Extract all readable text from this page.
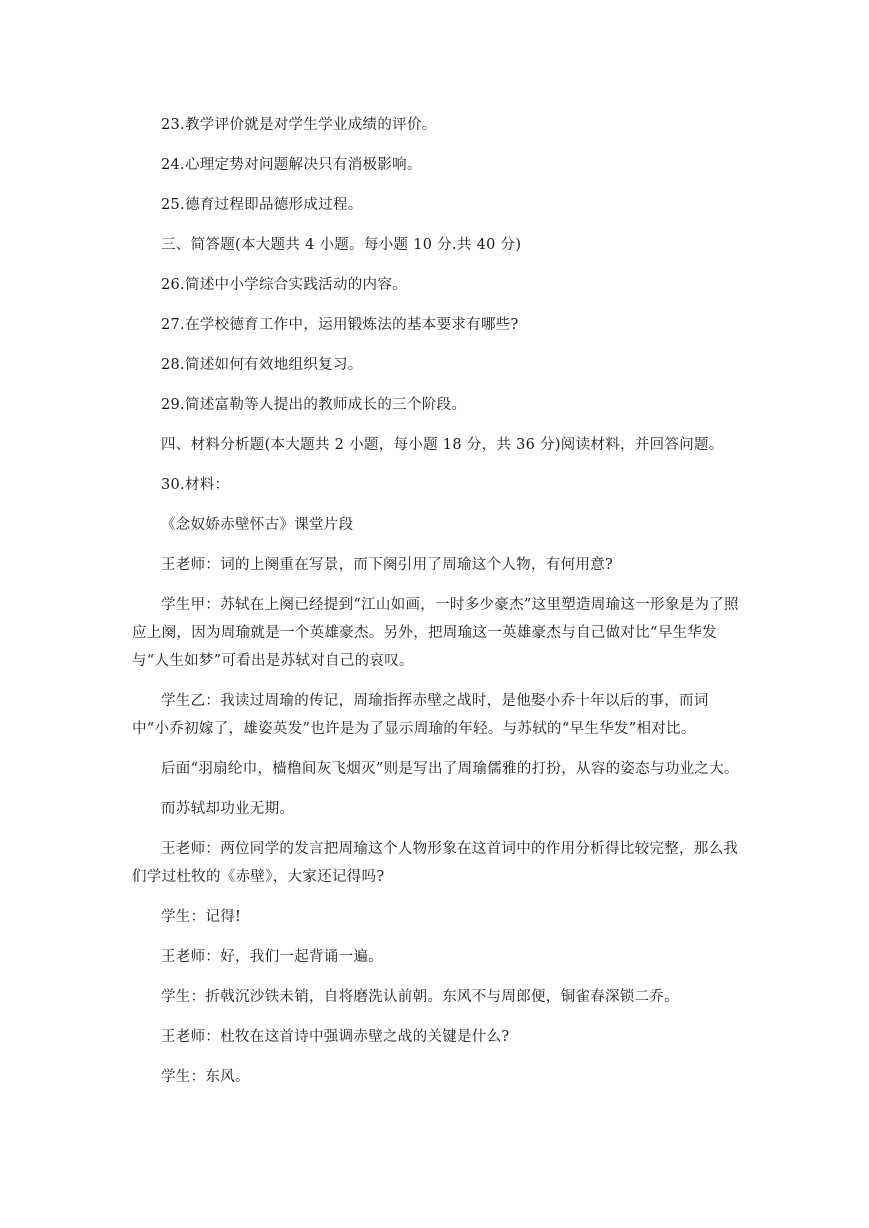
23.教学评价就是对学生学业成绩的评价。

24.心理定势对问题解决只有消极影响。

25.德育过程即品德形成过程。

三、简答题(本大题共 4 小题。每小题 10 分.共 40 分)

26.简述中小学综合实践活动的内容。

27.在学校德育工作中，运用锻炼法的基本要求有哪些?

28.简述如何有效地组织复习。

29.简述富勒等人提出的教师成长的三个阶段。

四、材料分析题(本大题共 2 小题，每小题 18 分，共 36 分)阅读材料，并回答问题。

30.材料：

《念奴娇赤壁怀古》课堂片段

王老师：词的上阕重在写景，而下阕引用了周瑜这个人物，有何用意?

学生甲：苏轼在上阕已经提到“江山如画，一时多少豪杰”这里塑造周瑜这一形象是为了照应上阕，因为周瑜就是一个英雄豪杰。另外，把周瑜这一英雄豪杰与自己做对比“早生华发与“人生如梦”可看出是苏轼对自己的哀叹。

学生乙：我读过周瑜的传记，周瑜指挥赤壁之战时，是他娶小乔十年以后的事，而词中“小乔初嫁了，雄姿英发”也许是为了显示周瑜的年轻。与苏轼的“早生华发”相对比。

后面“羽扇纶巾，樯橹间灰飞烟灭”则是写出了周瑜儒雅的打扮，从容的姿态与功业之大。

而苏轼却功业无期。

王老师：两位同学的发言把周瑜这个人物形象在这首词中的作用分析得比较完整，那么我们学过杜牧的《赤壁》，大家还记得吗?

学生：记得!

王老师：好，我们一起背诵一遍。

学生：折戟沉沙铁未销，自将磨洗认前朝。东风不与周郎便，铜雀春深锁二乔。

王老师：杜牧在这首诗中强调赤壁之战的关键是什么?

学生：东风。
